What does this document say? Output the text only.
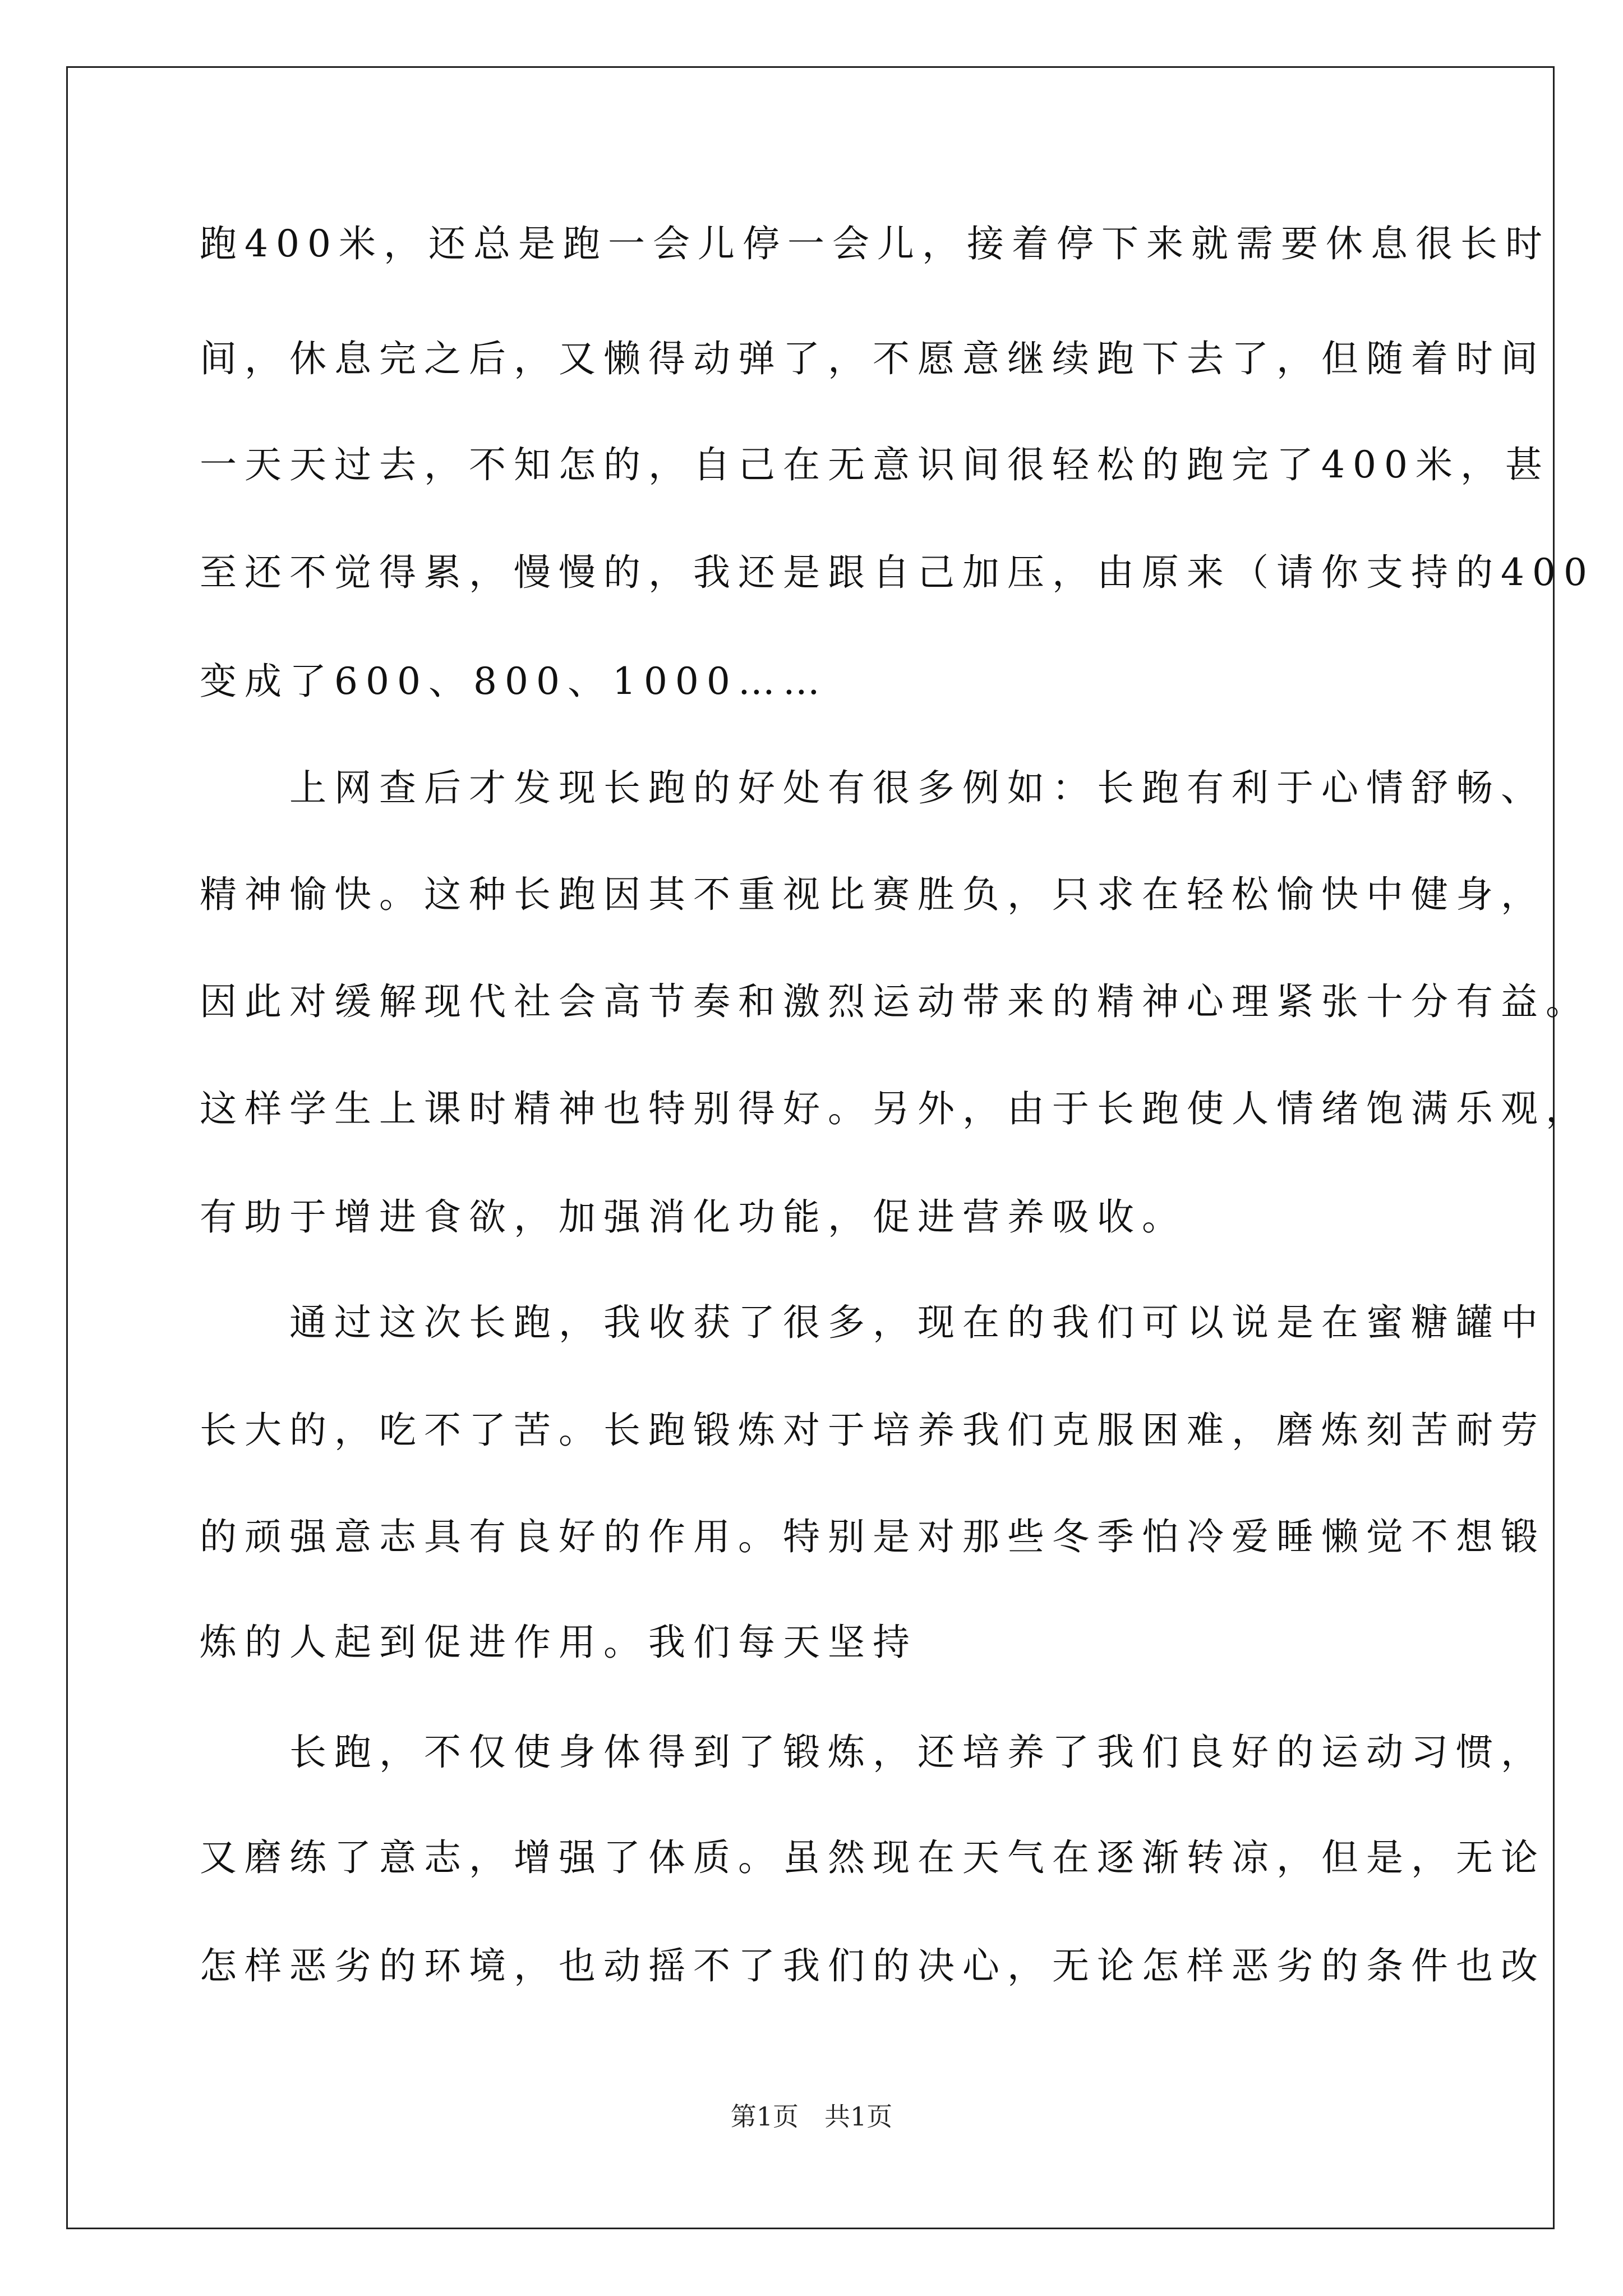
跑400米，还总是跑一会儿停一会儿，接着停下来就需要休息很长时
间，休息完之后，又懒得动弹了，不愿意继续跑下去了，但随着时间
一天天过去，不知怎的，自己在无意识间很轻松的跑完了400米，甚
至还不觉得累，慢慢的，我还是跟自己加压，由原来（请你支持的400
变成了600、800、1000……
　　上网查后才发现长跑的好处有很多例如：长跑有利于心情舒畅、
精神愉快。这种长跑因其不重视比赛胜负，只求在轻松愉快中健身，
因此对缓解现代社会高节奏和激烈运动带来的精神心理紧张十分有益。
这样学生上课时精神也特别得好。另外，由于长跑使人情绪饱满乐观，
有助于增进食欲，加强消化功能，促进营养吸收。
　　通过这次长跑，我收获了很多，现在的我们可以说是在蜜糖罐中
长大的，吃不了苦。长跑锻炼对于培养我们克服困难，磨炼刻苦耐劳
的顽强意志具有良好的作用。特别是对那些冬季怕冷爱睡懒觉不想锻
炼的人起到促进作用。我们每天坚持
　　长跑，不仅使身体得到了锻炼，还培养了我们良好的运动习惯，
又磨练了意志，增强了体质。虽然现在天气在逐渐转凉，但是，无论
怎样恶劣的环境，也动摇不了我们的决心，无论怎样恶劣的条件也改
第1页　共1页
